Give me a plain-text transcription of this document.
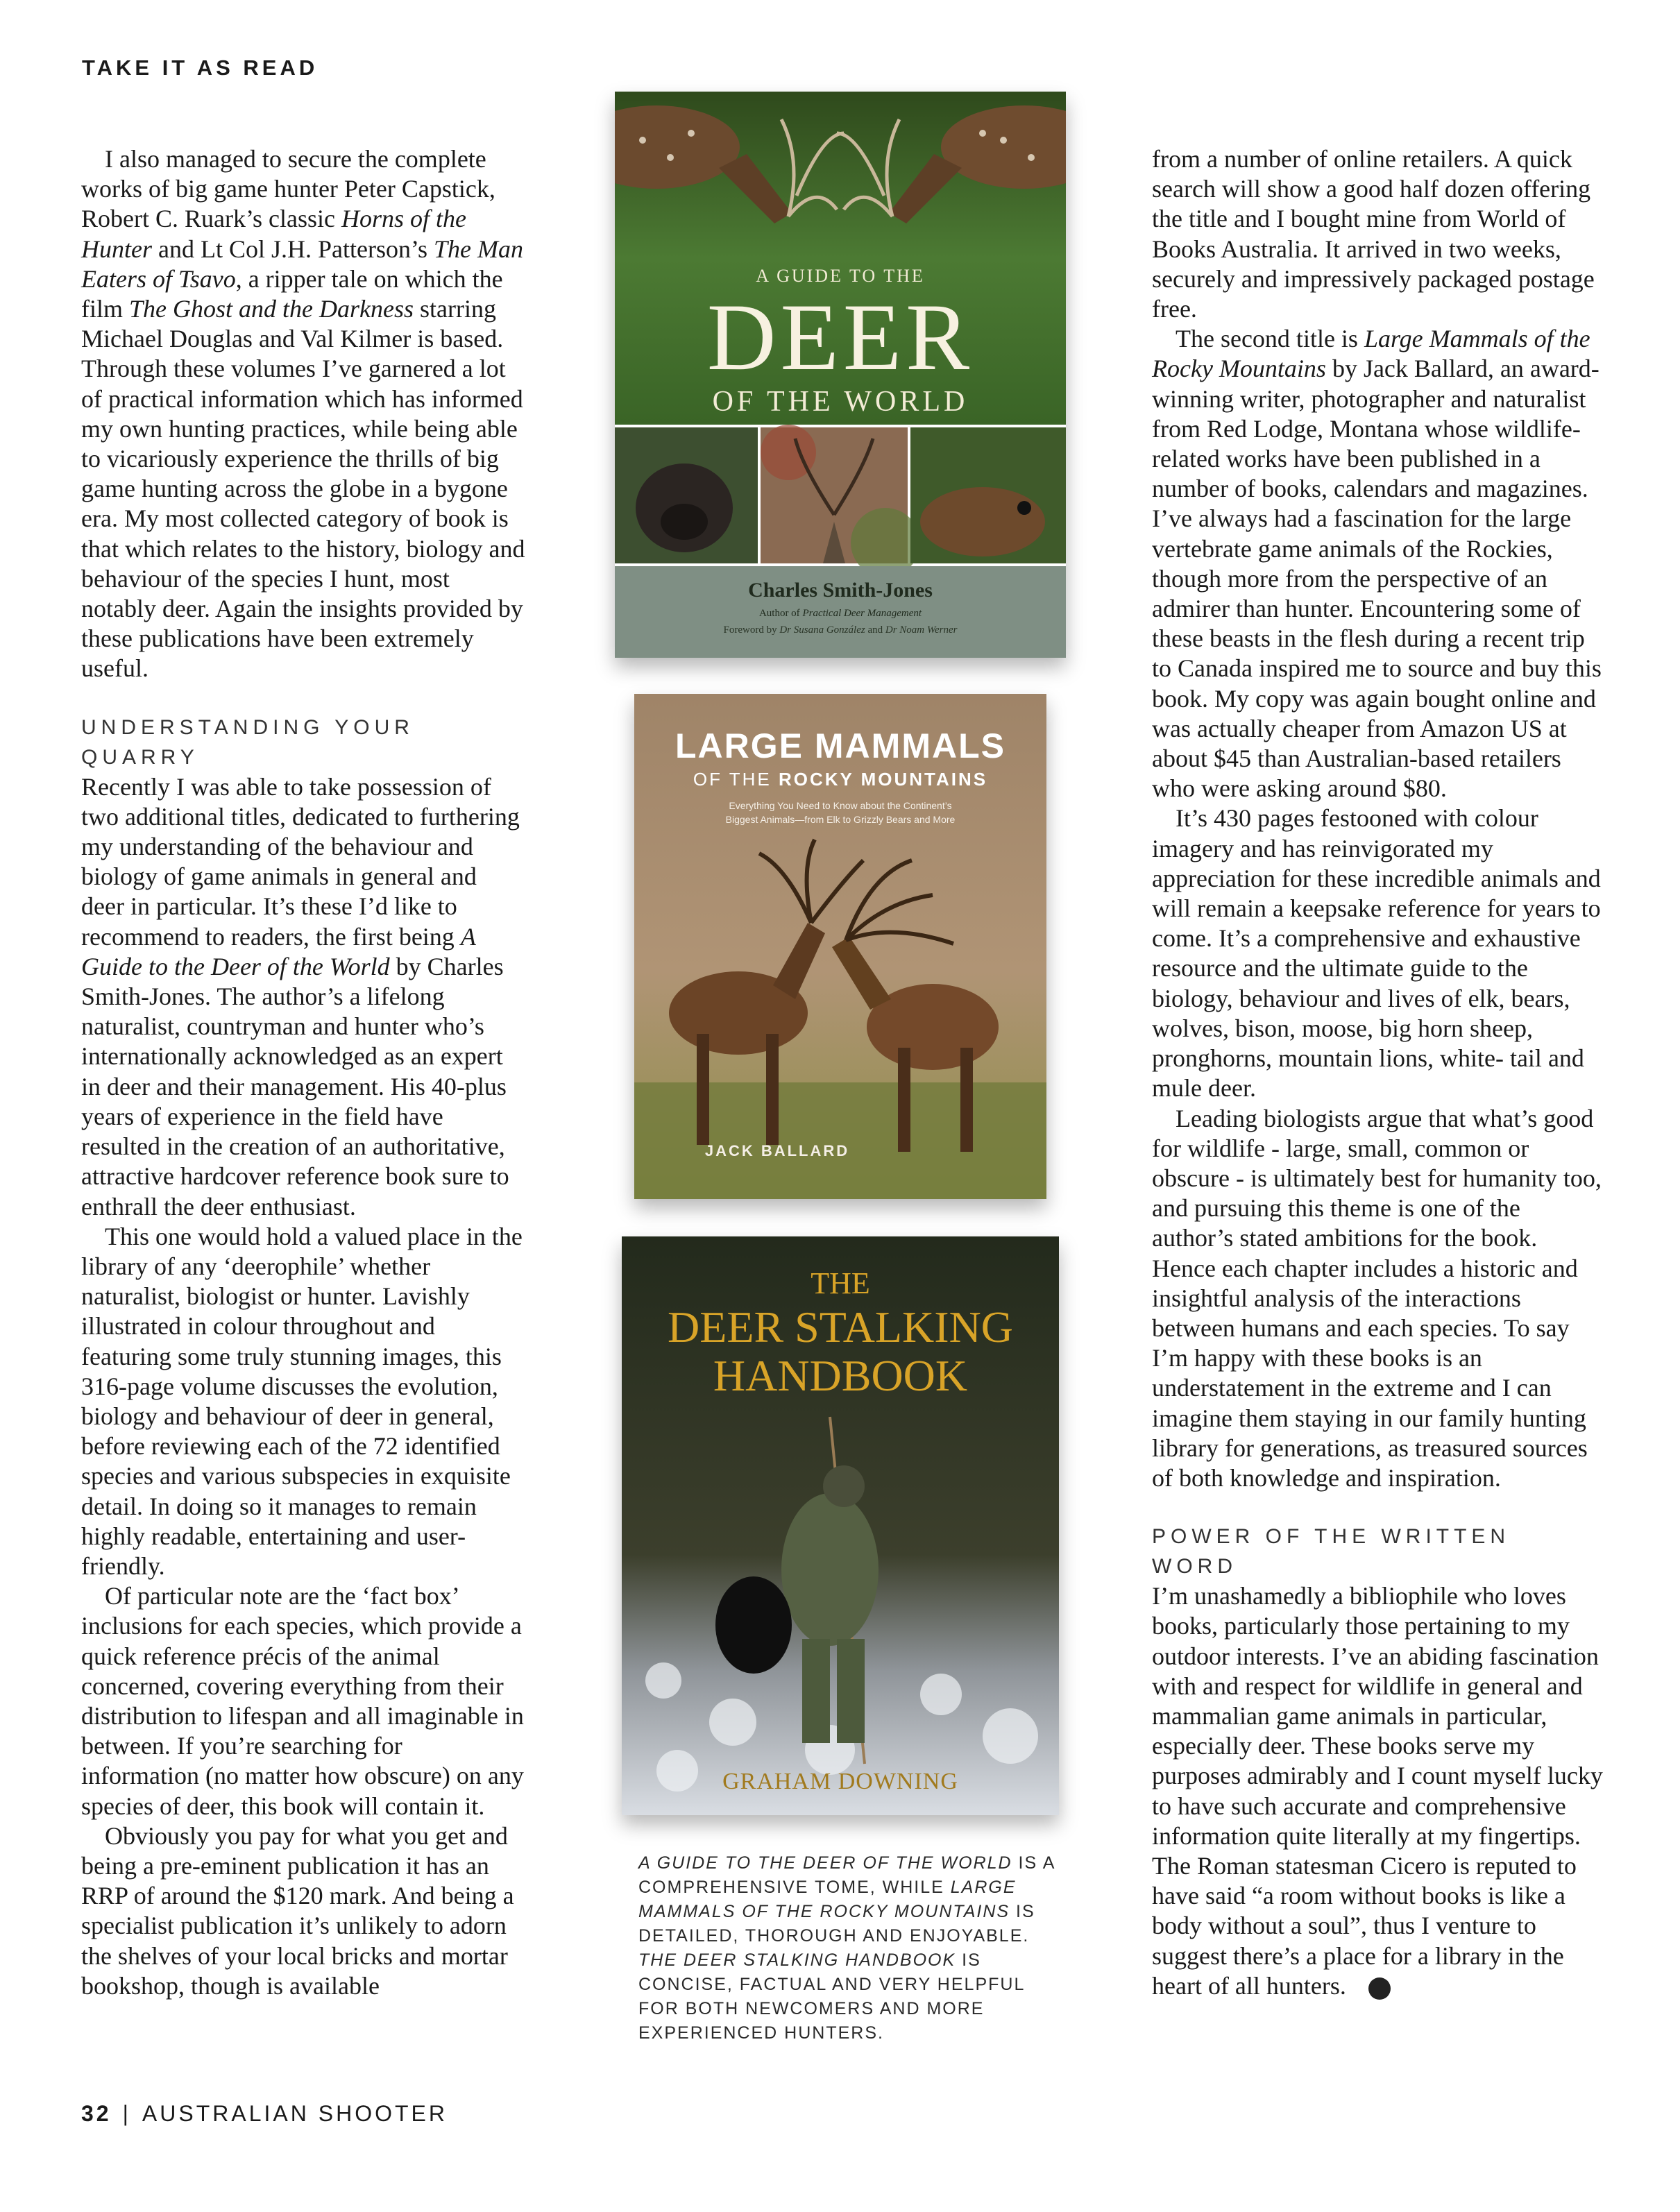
TAKE IT AS READ

I also managed to secure the complete works of big game hunter Peter Capstick, Robert C. Ruark’s classic Horns of the Hunter and Lt Col J.H. Patterson’s The Man Eaters of Tsavo, a ripper tale on which the film The Ghost and the Darkness starring Michael Douglas and Val Kilmer is based. Through these volumes I’ve garnered a lot of practical information which has informed my own hunting practices, while being able to vicariously experience the thrills of big game hunting across the globe in a bygone era. My most collected category of book is that which relates to the history, biology and behaviour of the species I hunt, most notably deer. Again the insights provided by these publications have been extremely useful.

UNDERSTANDING YOUR QUARRY

Recently I was able to take possession of two additional titles, dedicated to furthering my understanding of the behaviour and biology of game animals in general and deer in particular. It’s these I’d like to recommend to readers, the first being A Guide to the Deer of the World by Charles Smith-Jones. The author’s a lifelong naturalist, countryman and hunter who’s internationally acknowledged as an expert in deer and their management. His 40-plus years of experience in the field have resulted in the creation of an authoritative, attractive hardcover reference book sure to enthrall the deer enthusiast.

This one would hold a valued place in the library of any ‘deerophile’ whether naturalist, biologist or hunter. Lavishly illustrated in colour throughout and featuring some truly stunning images, this 316-page volume discusses the evolution, biology and behaviour of deer in general, before reviewing each of the 72 identified species and various subspecies in exquisite detail. In doing so it manages to remain highly readable, entertaining and user-friendly.

Of particular note are the ‘fact box’ inclusions for each species, which provide a quick reference précis of the animal concerned, covering everything from their distribution to lifespan and all imaginable in between. If you’re searching for information (no matter how obscure) on any species of deer, this book will contain it.

Obviously you pay for what you get and being a pre-eminent publication it has an RRP of around the $120 mark. And being a specialist publication it’s unlikely to adorn the shelves of your local bricks and mortar bookshop, though is available

from a number of online retailers. A quick search will show a good half dozen offering the title and I bought mine from World of Books Australia. It arrived in two weeks, securely and impressively packaged postage free.

The second title is Large Mammals of the Rocky Mountains by Jack Ballard, an award-winning writer, photographer and naturalist from Red Lodge, Montana whose wildlife-related works have been published in a number of books, calendars and magazines. I’ve always had a fascination for the large vertebrate game animals of the Rockies, though more from the perspective of an admirer than hunter. Encountering some of these beasts in the flesh during a recent trip to Canada inspired me to source and buy this book. My copy was again bought online and was actually cheaper from Amazon US at about $45 than Australian-based retailers who were asking around $80.

It’s 430 pages festooned with colour imagery and has reinvigorated my appreciation for these incredible animals and will remain a keepsake reference for years to come. It’s a comprehensive and exhaustive resource and the ultimate guide to the biology, behaviour and lives of elk, bears, wolves, bison, moose, big horn sheep, pronghorns, mountain lions, white- tail and mule deer.

Leading biologists argue that what’s good for wildlife - large, small, common or obscure - is ultimately best for humanity too, and pursuing this theme is one of the author’s stated ambitions for the book. Hence each chapter includes a historic and insightful analysis of the interactions between humans and each species. To say I’m happy with these books is an understatement in the extreme and I can imagine them staying in our family hunting library for generations, as treasured sources of both knowledge and inspiration.

POWER OF THE WRITTEN WORD

I’m unashamedly a bibliophile who loves books, particularly those pertaining to my outdoor interests. I’ve an abiding fascination with and respect for wildlife in general and mammalian game animals in particular, especially deer. These books serve my purposes admirably and I count myself lucky to have such accurate and comprehensive information quite literally at my fingertips. The Roman statesman Cicero is reputed to have said “a room without books is like a body without a soul”, thus I venture to suggest there’s a place for a library in the heart of all hunters.

A GUIDE TO THE
DEER
OF THE WORLD
Charles Smith-Jones
Author of Practical Deer Management
Foreword by Dr Susana González and Dr Noam Werner
LARGE MAMMALS
OF THE ROCKY MOUNTAINS
Everything You Need to Know about the Continent’s
Biggest Animals—from Elk to Grizzly Bears and More
JACK BALLARD
THE
DEER STALKING
HANDBOOK
GRAHAM DOWNING
A GUIDE TO THE DEER OF THE WORLD IS A COMPREHENSIVE TOME, WHILE LARGE MAMMALS OF THE ROCKY MOUNTAINS IS DETAILED, THOROUGH AND ENJOYABLE. THE DEER STALKING HANDBOOK IS CONCISE, FACTUAL AND VERY HELPFUL FOR BOTH NEWCOMERS AND MORE EXPERIENCED HUNTERS.
32 | AUSTRALIAN SHOOTER
